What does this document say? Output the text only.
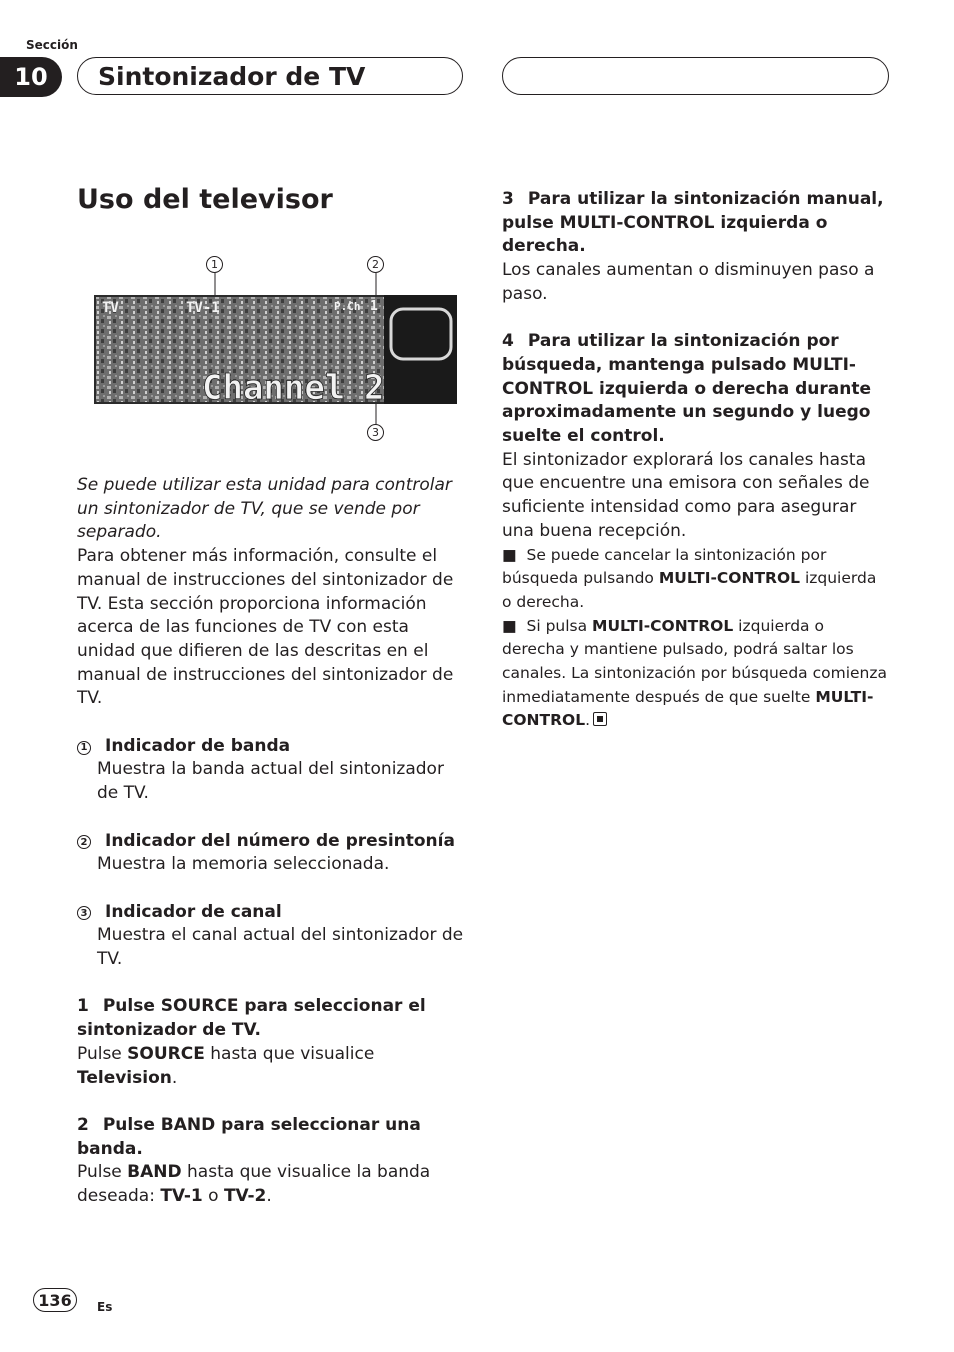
Sección
10	Sintonizador de TV
Uso del televisor
1	2
3
TV	TV-1	P.Ch 1
Channel 2

Se puede utilizar esta unidad para controlar un sintonizador de TV, que se vende por separado.

Para obtener más información, consulte el manual de instrucciones del sintonizador de TV. Esta sección proporciona información acerca de las funciones de TV con esta unidad que difieren de las descritas en el manual de instrucciones del sintonizador de TV.

1 Indicador de banda

Muestra la banda actual del sintonizador de TV.

2 Indicador del número de presintonía

Muestra la memoria seleccionada.

3 Indicador de canal

Muestra el canal actual del sintonizador de TV.

1 Pulse SOURCE para seleccionar el sintonizador de TV.

Pulse SOURCE hasta que visualice Television.

2 Pulse BAND para seleccionar una banda.

Pulse BAND hasta que visualice la banda deseada: TV-1 o TV-2.

3 Para utilizar la sintonización manual, pulse MULTI-CONTROL izquierda o derecha.

Los canales aumentan o disminuyen paso a paso.

4 Para utilizar la sintonización por búsqueda, mantenga pulsado MULTI-CONTROL izquierda o derecha durante aproximadamente un segundo y luego suelte el control.

El sintonizador explorará los canales hasta que encuentre una emisora con señales de suficiente intensidad como para asegurar una buena recepción.

■  Se puede cancelar la sintonización por búsqueda pulsando MULTI-CONTROL izquierda o derecha.

■  Si pulsa MULTI-CONTROL izquierda o derecha y mantiene pulsado, podrá saltar los canales. La sintonización por búsqueda comienza inmediatamente después de que suelte MULTI-CONTROL.

136	Es
